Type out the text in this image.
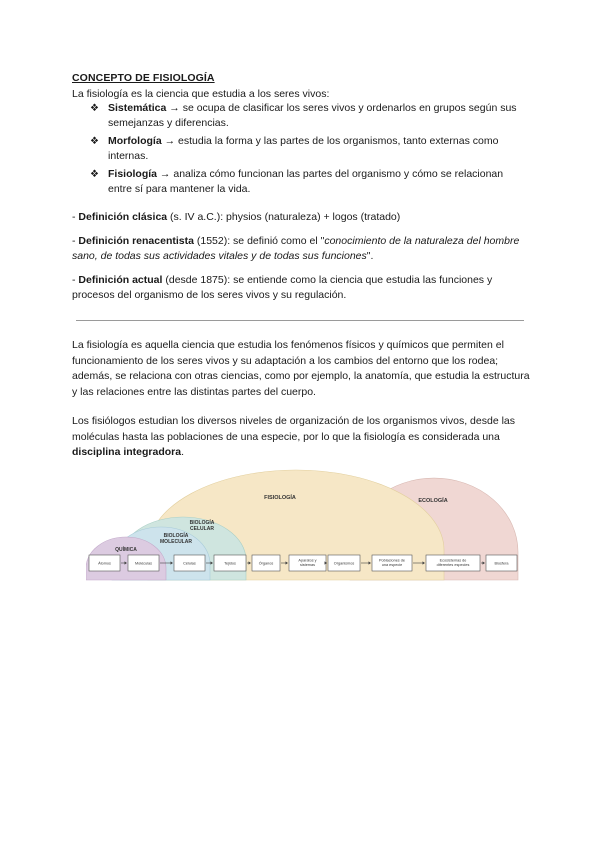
CONCEPTO DE FISIOLOGÍA
La fisiología es la ciencia que estudia a los seres vivos:
❖ Sistemática → se ocupa de clasificar los seres vivos y ordenarlos en grupos según sus semejanzas y diferencias.
❖ Morfología → estudia la forma y las partes de los organismos, tanto externas como internas.
❖ Fisiología → analiza cómo funcionan las partes del organismo y cómo se relacionan entre sí para mantener la vida.

- Definición clásica (s. IV a.C.): physios (naturaleza) + logos (tratado)

- Definición renacentista (1552): se definió como el "conocimiento de la naturaleza del hombre sano, de todas sus actividades vitales y de todas sus funciones".

- Definición actual (desde 1875): se entiende como la ciencia que estudia las funciones y procesos del organismo de los seres vivos y su regulación.

La fisiología es aquella ciencia que estudia los fenómenos físicos y químicos que permiten el funcionamiento de los seres vivos y su adaptación a los cambios del entorno que los rodea; además, se relaciona con otras ciencias, como por ejemplo, la anatomía, que estudia la estructura y las relaciones entre las distintas partes del cuerpo.

Los fisiólogos estudian los diversos niveles de organización de los organismos vivos, desde las moléculas hasta las poblaciones de una especie, por lo que la fisiología es considerada una disciplina integradora.

FISIOLOGÍA	ECOLOGÍA
BIOLOGÍA CELULAR
BIOLOGÍA MOLECULAR
QUÍMICA
Átomos	Moléculas	Células	Tejidos	Órganos
Aparatos y sistemas	Organismos
Poblaciones de una especie
Ecosistemas de diferentes especies	Biosfera
